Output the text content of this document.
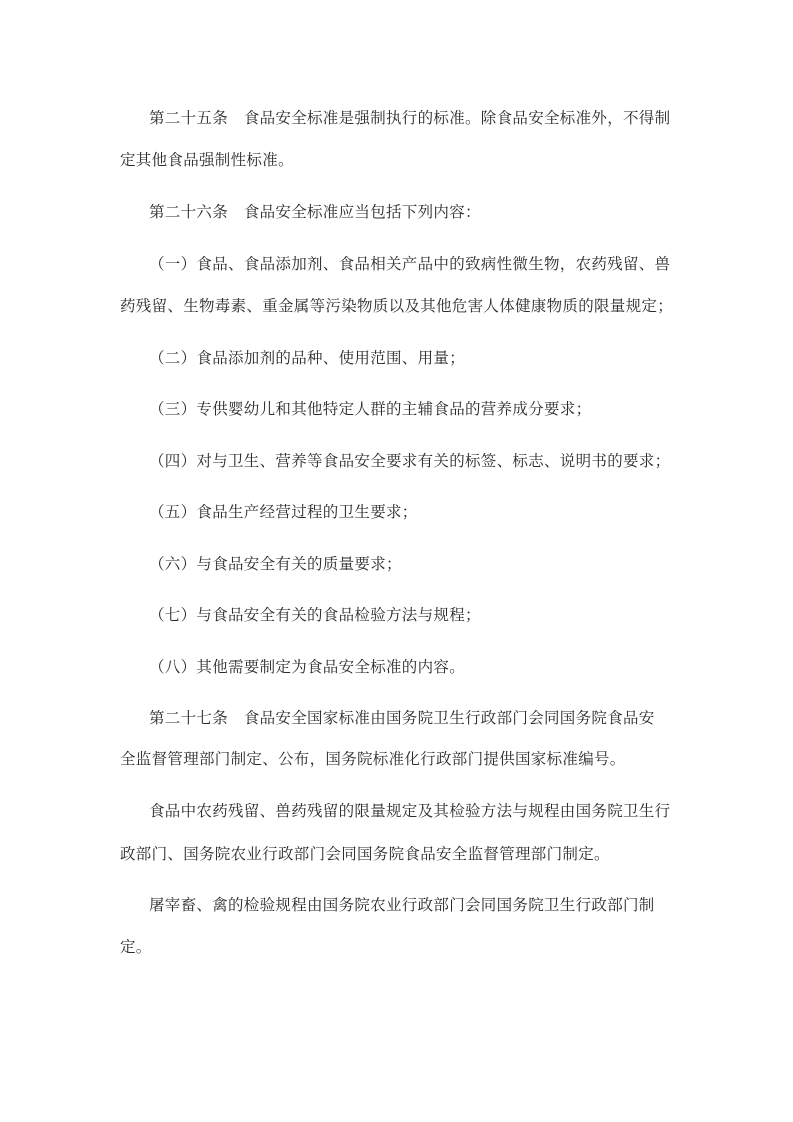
第二十五条　食品安全标准是强制执行的标准。除食品安全标准外，不得制
定其他食品强制性标准。
第二十六条　食品安全标准应当包括下列内容：
（一）食品、食品添加剂、食品相关产品中的致病性微生物，农药残留、兽
药残留、生物毒素、重金属等污染物质以及其他危害人体健康物质的限量规定；
（二）食品添加剂的品种、使用范围、用量；
（三）专供婴幼儿和其他特定人群的主辅食品的营养成分要求；
（四）对与卫生、营养等食品安全要求有关的标签、标志、说明书的要求；
（五）食品生产经营过程的卫生要求；
（六）与食品安全有关的质量要求；
（七）与食品安全有关的食品检验方法与规程；
（八）其他需要制定为食品安全标准的内容。
第二十七条　食品安全国家标准由国务院卫生行政部门会同国务院食品安
全监督管理部门制定、公布，国务院标准化行政部门提供国家标准编号。
食品中农药残留、兽药残留的限量规定及其检验方法与规程由国务院卫生行
政部门、国务院农业行政部门会同国务院食品安全监督管理部门制定。
屠宰畜、禽的检验规程由国务院农业行政部门会同国务院卫生行政部门制
定。
